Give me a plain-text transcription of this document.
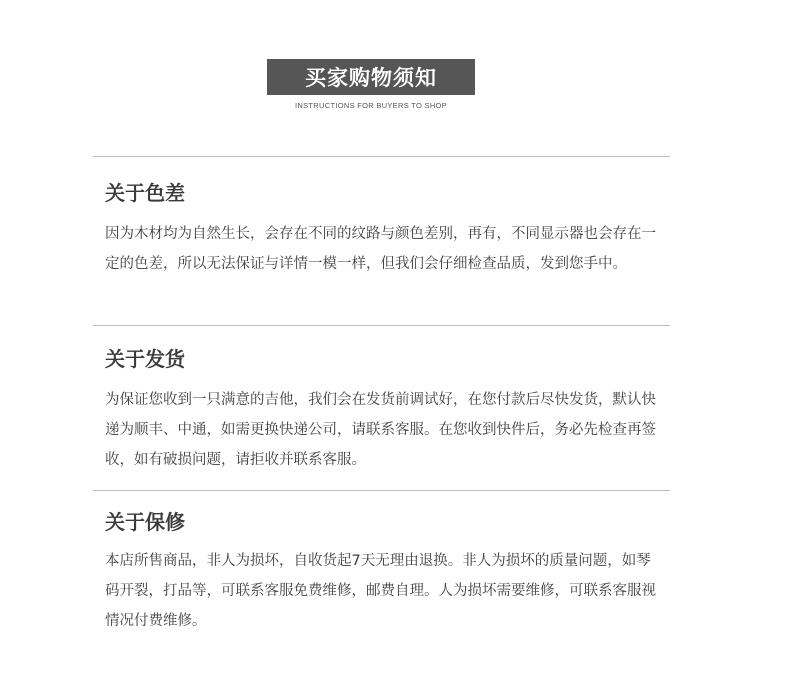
买家购物须知
INSTRUCTIONS FOR BUYERS TO SHOP
关于色差

因为木材均为自然生长，会存在不同的纹路与颜色差别，再有，不同显示器也会存在一定的色差，所以无法保证与详情一模一样，但我们会仔细检查品质，发到您手中。

关于发货

为保证您收到一只满意的吉他，我们会在发货前调试好，在您付款后尽快发货，默认快递为顺丰、中通，如需更换快递公司，请联系客服。在您收到快件后，务必先检查再签收，如有破损问题，请拒收并联系客服。

关于保修

本店所售商品，非人为损坏，自收货起7天无理由退换。非人为损坏的质量问题，如琴码开裂，打品等，可联系客服免费维修，邮费自理。人为损坏需要维修，可联系客服视情况付费维修。
